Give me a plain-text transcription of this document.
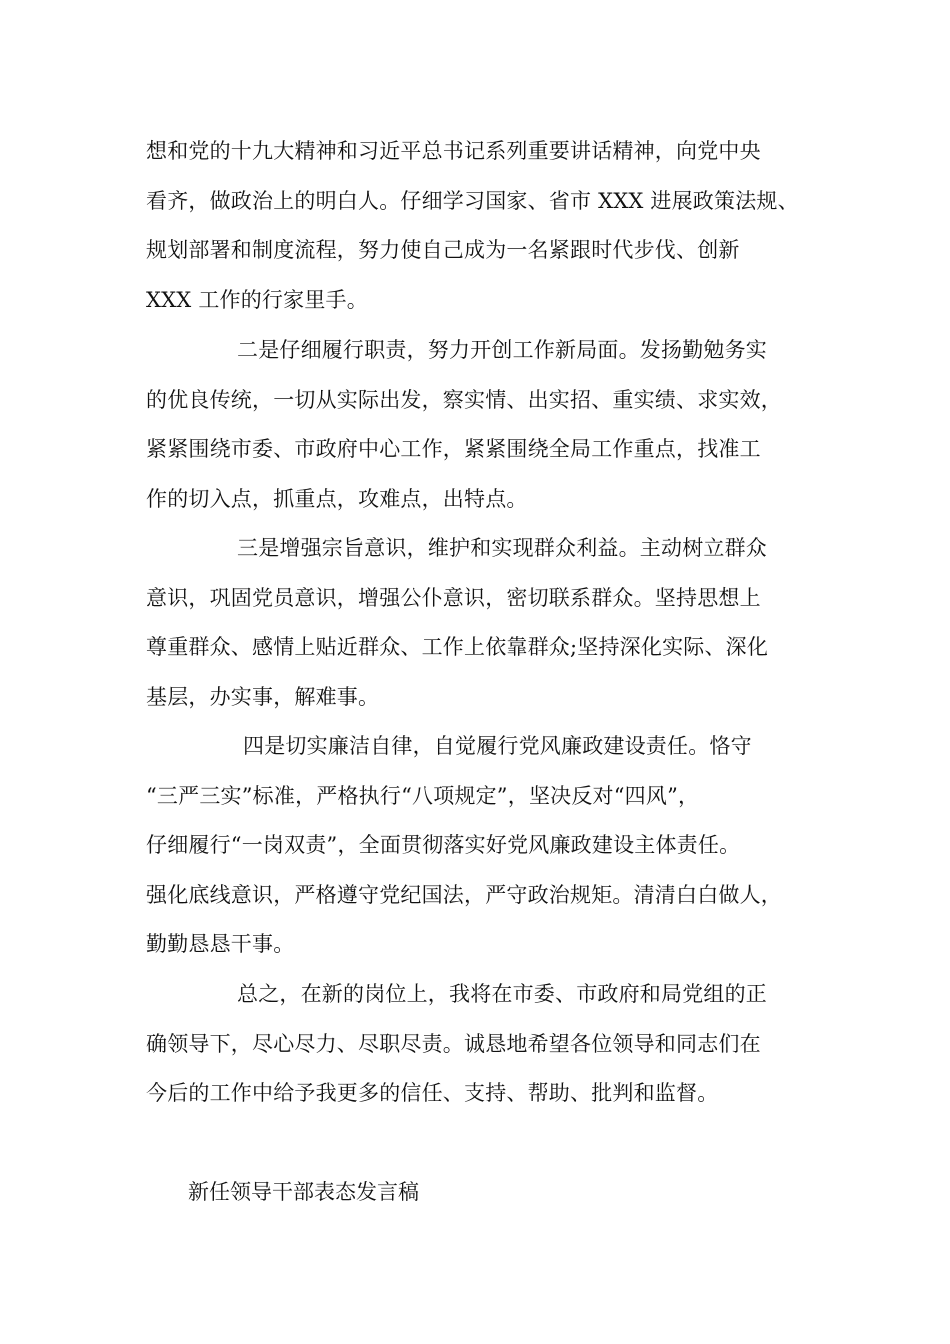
想和党的十九大精神和习近平总书记系列重要讲话精神，向党中央
看齐，做政治上的明白人。仔细学习国家、省市 XXX 进展政策法规、
规划部署和制度流程，努力使自己成为一名紧跟时代步伐、创新
XXX 工作的行家里手。

二是仔细履行职责，努力开创工作新局面。发扬勤勉务实
的优良传统，一切从实际出发，察实情、出实招、重实绩、求实效，
紧紧围绕市委、市政府中心工作，紧紧围绕全局工作重点，找准工
作的切入点，抓重点，攻难点，出特点。

三是增强宗旨意识，维护和实现群众利益。主动树立群众
意识，巩固党员意识，增强公仆意识，密切联系群众。坚持思想上
尊重群众、感情上贴近群众、工作上依靠群众;坚持深化实际、深化
基层，办实事，解难事。

四是切实廉洁自律，自觉履行党风廉政建设责任。恪守
“三严三实”标准，严格执行“八项规定”，坚决反对“四风”，
仔细履行“一岗双责”，全面贯彻落实好党风廉政建设主体责任。
强化底线意识，严格遵守党纪国法，严守政治规矩。清清白白做人，
勤勤恳恳干事。

总之，在新的岗位上，我将在市委、市政府和局党组的正
确领导下，尽心尽力、尽职尽责。诚恳地希望各位领导和同志们在
今后的工作中给予我更多的信任、支持、帮助、批判和监督。

新任领导干部表态发言稿
